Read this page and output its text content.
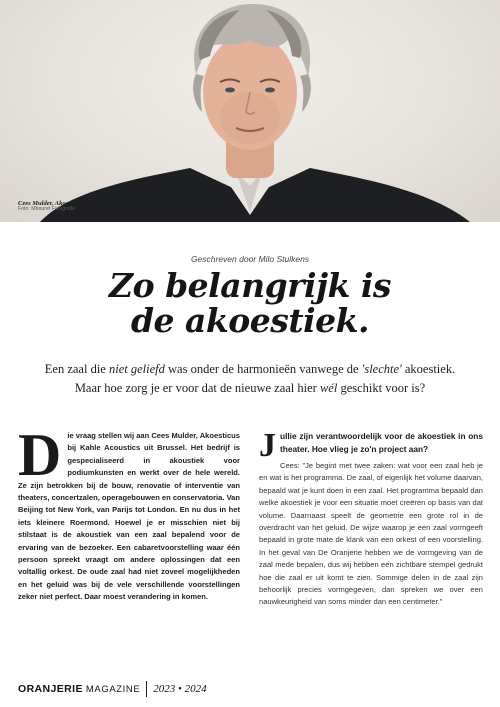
Cees Mulder, Akoesticus
Foto: Mbouret Fotografie
Geschreven door Milo Stulkens
Zo belangrijk is
de akoestiek.
Een zaal die niet geliefd was onder de harmonieën vanwege de 'slechte' akoestiek.
Maar hoe zorg je er voor dat de nieuwe zaal hier wél geschikt voor is?
D ie vraag stellen wij aan Cees Mulder, Akoesticus bij Kahle Acoustics uit Brussel. Het bedrijf is gespecialiseerd in akoustiek voor podiumkunsten en werkt over de hele wereld. Ze zijn betrokken bij de bouw, renovatie of interventie van theaters, concertzalen, operagebouwen en conservatoria. Van Beijing tot New York, van Parijs tot London. En nu dus in het iets kleinere Roermond. Hoewel je er misschien niet bij stilstaat is de akoustiek van een zaal bepalend voor de ervaring van de bezoeker. Een cabaretvoorstelling waar één persoon spreekt vraagt om andere oplossingen dat een voltallig orkest. De oude zaal had niet zoveel mogelijkheden en het geluid was bij de vele verschillende voorstellingen zeker niet perfect. Daar moest verandering in komen.
Jullie zijn verantwoordelijk voor de akoestiek in ons theater. Hoe vlieg je zo'n project aan?
Cees: "Je begint met twee zaken: wat voor een zaal heb je en wat is het programma. De zaal, of eigenlijk het volume daarvan, bepaald wat je kunt doen in een zaal. Het programma bepaald dan welke akoestiek je voor een situatie moet creëren op basis van dat volume. Daarnaast speelt de geometrie een grote rol in de overdracht van het geluid. De wijze waarop je een zaal vormgeeft bepaald in grote mate de klank van een orkest of een voorstelling. In het geval van De Oranjerie hebben we de vormgeving van de zaal mede bepalen, dus wij hebben een zichtbare stempel gedrukt hoe die zaal er uit komt te zien. Sommige delen in de zaal zijn behoorlijk precies vormgegeven, dan spreken we over een nauwkeurigheid van soms minder dan een centimeter."
ORANJERIE MAGAZINE 2023 • 2024
